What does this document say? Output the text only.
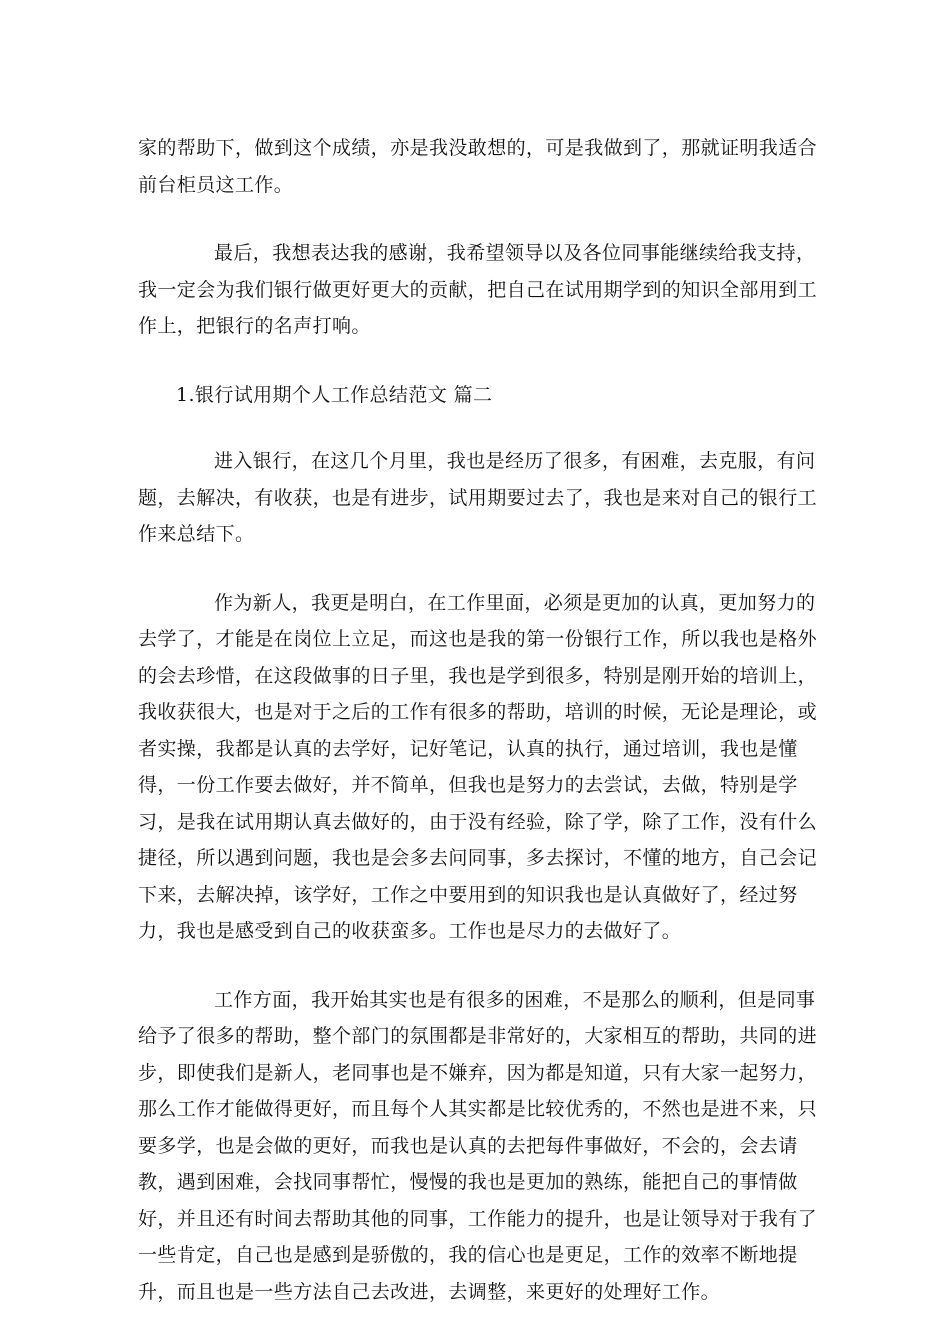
家的帮助下，做到这个成绩，亦是我没敢想的，可是我做到了，那就证明我适合前台柜员这工作。

最后，我想表达我的感谢，我希望领导以及各位同事能继续给我支持，我一定会为我们银行做更好更大的贡献，把自己在试用期学到的知识全部用到工作上，把银行的名声打响。

1.银行试用期个人工作总结范文 篇二

进入银行，在这几个月里，我也是经历了很多，有困难，去克服，有问题，去解决，有收获，也是有进步，试用期要过去了，我也是来对自己的银行工作来总结下。

作为新人，我更是明白，在工作里面，必须是更加的认真，更加努力的去学了，才能是在岗位上立足，而这也是我的第一份银行工作，所以我也是格外的会去珍惜，在这段做事的日子里，我也是学到很多，特别是刚开始的培训上，我收获很大，也是对于之后的工作有很多的帮助，培训的时候，无论是理论，或者实操，我都是认真的去学好，记好笔记，认真的执行，通过培训，我也是懂得，一份工作要去做好，并不简单，但我也是努力的去尝试，去做，特别是学习，是我在试用期认真去做好的，由于没有经验，除了学，除了工作，没有什么捷径，所以遇到问题，我也是会多去问同事，多去探讨，不懂的地方，自己会记下来，去解决掉，该学好，工作之中要用到的知识我也是认真做好了，经过努力，我也是感受到自己的收获蛮多。工作也是尽力的去做好了。

工作方面，我开始其实也是有很多的困难，不是那么的顺利，但是同事给予了很多的帮助，整个部门的氛围都是非常好的，大家相互的帮助，共同的进步，即使我们是新人，老同事也是不嫌弃，因为都是知道，只有大家一起努力，那么工作才能做得更好，而且每个人其实都是比较优秀的，不然也是进不来，只要多学，也是会做的更好，而我也是认真的去把每件事做好，不会的，会去请教，遇到困难，会找同事帮忙，慢慢的我也是更加的熟练，能把自己的事情做好，并且还有时间去帮助其他的同事，工作能力的提升，也是让领导对于我有了一些肯定，自己也是感到是骄傲的，我的信心也是更足，工作的效率不断地提升，而且也是一些方法自己去改进，去调整，来更好的处理好工作。
